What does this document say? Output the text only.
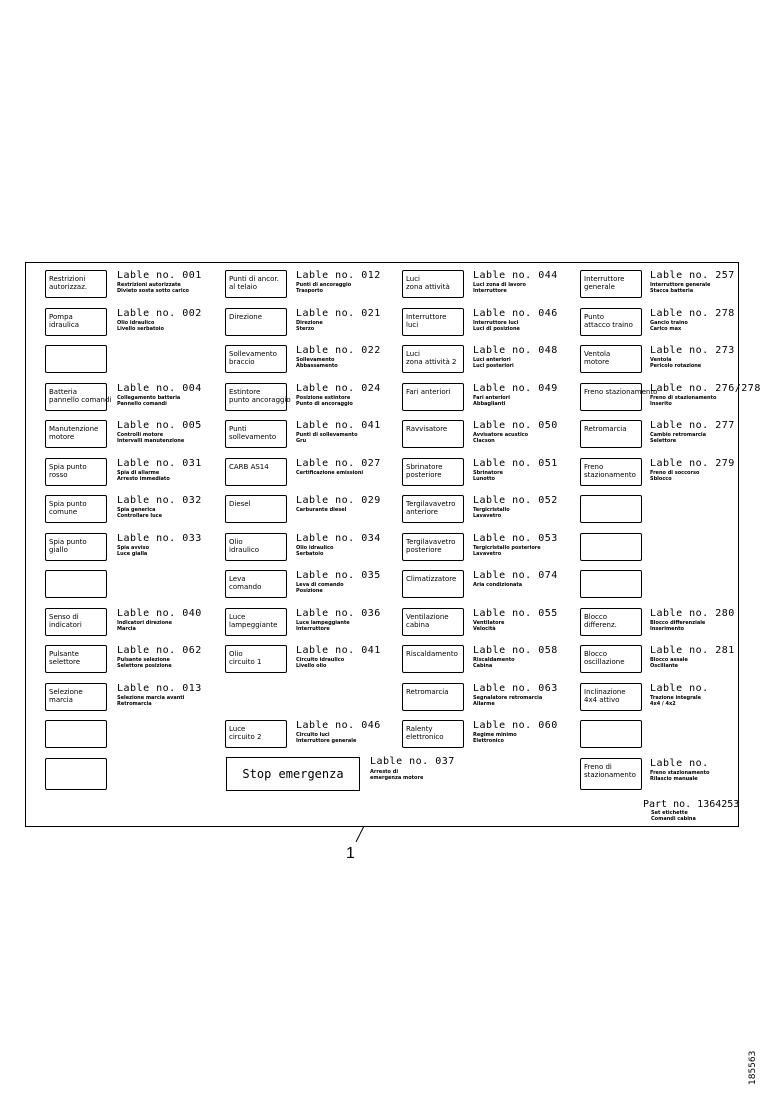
Restrizioni
autorizzaz.
Lable no. 001
Restrizioni autorizzate
Divieto sosta sotto carico
Pompa
idraulica
Lable no. 002
Olio idraulico
Livello serbatoio
Batteria
pannello comandi
Lable no. 004
Collegamento batteria
Pannello comandi
Manutenzione
motore
Lable no. 005
Controlli motore
Intervalli manutenzione
Spia punto
rosso
Lable no. 031
Spia di allarme
Arresto immediato
Spia punto
comune
Lable no. 032
Spia generica
Controllare luce
Spia punto
giallo
Lable no. 033
Spia avviso
Luce gialla
Senso di
indicatori
Lable no. 040
Indicatori direzione
Marcia
Pulsante
selettore
Lable no. 062
Pulsante selezione
Selettore posizione
Selezione
marcia
Lable no. 013
Selezione marcia avanti
Retromarcia
Punti di ancor.
al telaio
Lable no. 012
Punti di ancoraggio
Trasporto
Direzione	Lable no. 021
Direzione
Sterzo
Sollevamento
braccio
Lable no. 022
Sollevamento
Abbassamento
Estintore
punto ancoraggio
Lable no. 024
Posizione estintore
Punto di ancoraggio
Punti
sollevamento
Lable no. 041
Punti di sollevamento
Gru
CARB AS14	Lable no. 027
Certificazione emissioni
Diesel	Lable no. 029
Carburante diesel
Olio
idraulico
Lable no. 034
Olio idraulico
Serbatoio
Leva
comando
Lable no. 035
Leva di comando
Posizione
Luce
lampeggiante
Lable no. 036
Luce lampeggiante
Interruttore
Olio
circuito 1
Lable no. 041
Circuito idraulico
Livello olio
Luce
circuito 2
Lable no. 046
Circuito luci
Interruttore generale
Luci
zona attività
Lable no. 044
Luci zona di lavoro
Interruttore
Interruttore
luci
Lable no. 046
Interruttore luci
Luci di posizione
Luci
zona attività 2
Lable no. 048
Luci anteriori
Luci posteriori
Fari anteriori	Lable no. 049
Fari anteriori
Abbaglianti
Ravvisatore	Lable no. 050
Avvisatore acustico
Clacson
Sbrinatore
posteriore
Lable no. 051
Sbrinatore
Lunotto
Tergilavavetro
anteriore
Lable no. 052
Tergicristallo
Lavavetro
Tergilavavetro
posteriore
Lable no. 053
Tergicristallo posteriore
Lavavetro
Climatizzatore	Lable no. 074
Aria condizionata
Ventilazione
cabina
Lable no. 055
Ventilatore
Velocità
Riscaldamento Lable no. 058
Riscaldamento
Cabina
Retromarcia	Lable no. 063
Segnalatore retromarcia
Allarme
Ralenty
elettronico
Lable no. 060
Regime minimo
Elettronico
Interruttore
generale
Lable no. 257
Interruttore generale
Stacca batteria
Punto
attacco traino
Lable no. 278
Gancio traino
Carico max
Ventola
motore
Lable no. 273
Ventola
Pericolo rotazione
Freno stazionamento
Lable no. 276/278
Freno di stazionamento
Inserito
Retromarcia	Lable no. 277
Cambio retromarcia
Selettore
Freno
stazionamento
Lable no. 279
Freno di soccorso
Sblocco
Blocco
differenz.
Lable no. 280
Blocco differenziale
Inserimento
Blocco
oscillazione
Lable no. 281
Blocco assale
Oscillante
Inclinazione
4x4 attivo
Lable no.
Trazione integrale
4x4 / 4x2
Freno di
stazionamento
Lable no.
Freno stazionamento
Rilascio manuale
Stop emergenza
Lable no. 037
Arresto di
emergenza motore
Part no. 1364253
Set etichette
Comandi cabina
1
185563
